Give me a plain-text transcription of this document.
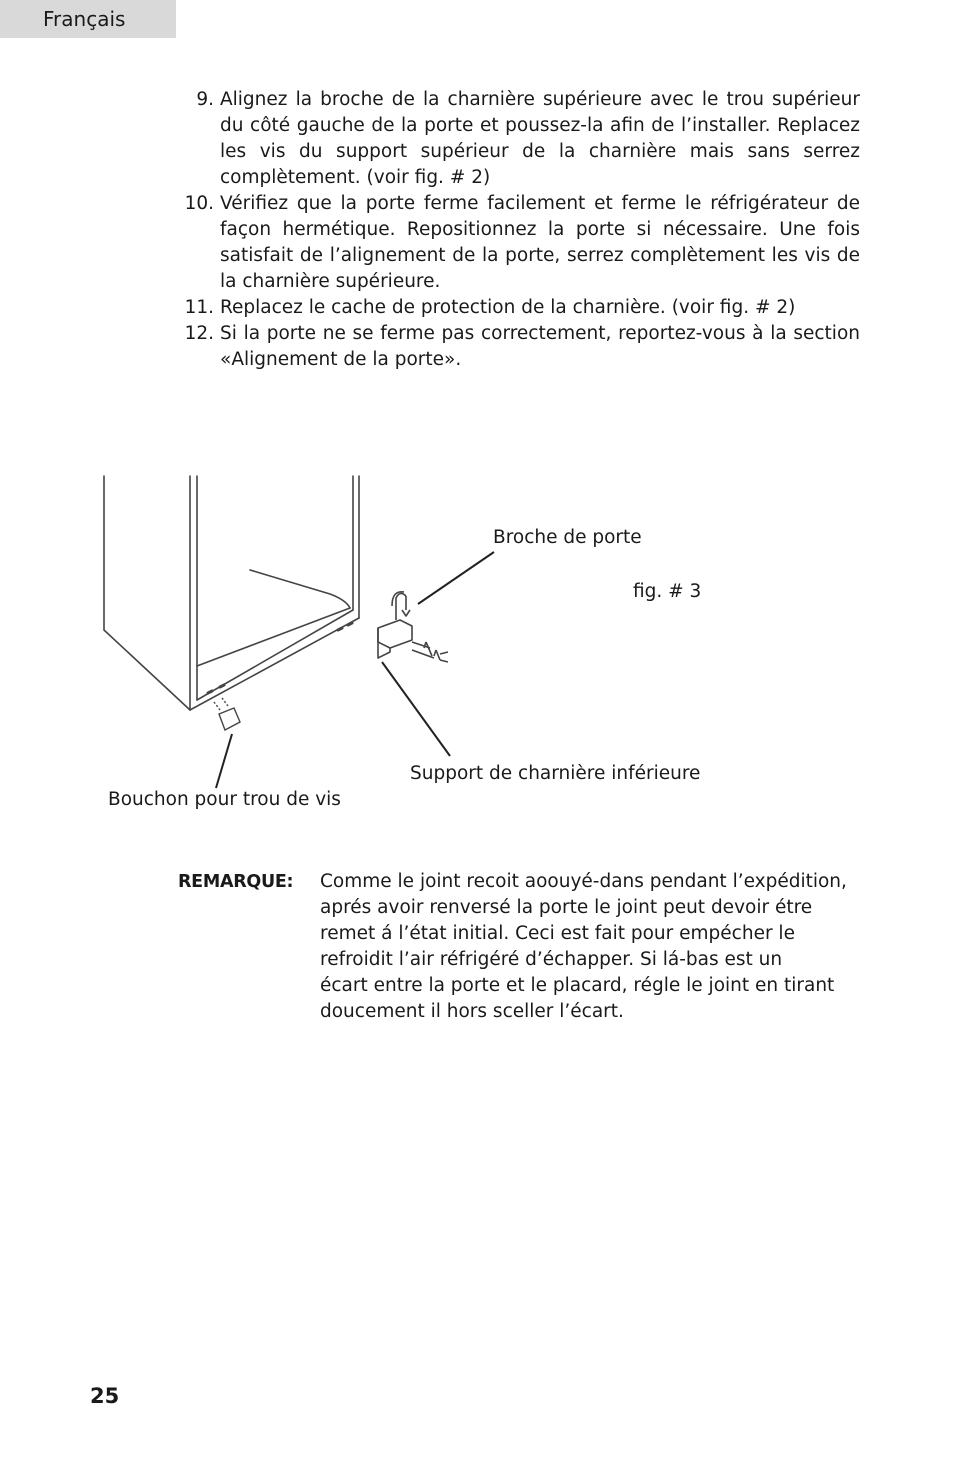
Français
9. Alignez la broche de la charnière supérieure avec le trou supérieur du côté gauche de la porte et poussez-la afin de l’installer. Replacez les vis du support supérieur de la charnière mais sans serrez complètement. (voir fig. # 2)
10. Vérifiez que la porte ferme facilement et ferme le réfrigérateur de façon hermétique. Repositionnez la porte si nécessaire. Une fois satisfait de l’alignement de la porte, serrez complètement les vis de la charnière supérieure.
11. Replacez le cache de protection de la charnière. (voir fig. # 2)
12. Si la porte ne se ferme pas correctement, reportez-vous à la section «Alignement de la porte».
Broche de porte
fig. # 3
Support de charnière inférieure
Bouchon pour trou de vis
REMARQUE: Comme le joint recoit aoouyé-dans pendant l’expédition,
aprés avoir renversé la porte le joint peut devoir étre
remet á l’état initial. Ceci est fait pour empécher le
refroidit l’air réfrigéré d’échapper. Si lá-bas est un
écart entre la porte et le placard, régle le joint en tirant
doucement il hors sceller l’écart.
25
